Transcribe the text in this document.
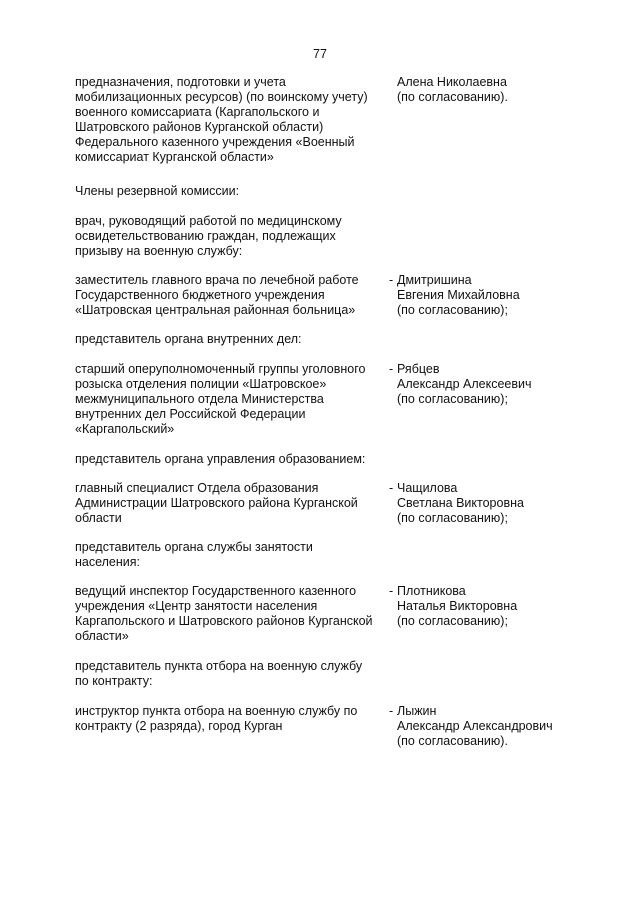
77
предназначения, подготовки и учета
мобилизационных ресурсов) (по воинскому учету)
военного комиссариата (Каргапольского и
Шатровского районов Курганской области)
Федерального казенного учреждения «Военный
комиссариат Курганской области»
Алена Николаевна
(по согласованию).
Члены резервной комиссии:
врач, руководящий работой по медицинскому
освидетельствованию граждан, подлежащих
призыву на военную службу:
заместитель главного врача по лечебной работе
Государственного бюджетного учреждения
«Шатровская центральная районная больница»
- Дмитришина
Евгения Михайловна
(по согласованию);
представитель органа внутренних дел:
старший оперуполномоченный группы уголовного
розыска отделения полиции «Шатровское»
межмуниципального отдела Министерства
внутренних дел Российской Федерации
«Каргапольский»
- Рябцев
Александр Алексеевич
(по согласованию);
представитель органа управления образованием:
главный специалист Отдела образования
Администрации Шатровского района Курганской
области
- Чащилова
Светлана Викторовна
(по согласованию);
представитель органа службы занятости
населения:
ведущий инспектор Государственного казенного
учреждения «Центр занятости населения
Каргапольского и Шатровского районов Курганской
области»
- Плотникова
Наталья Викторовна
(по согласованию);
представитель пункта отбора на военную службу
по контракту:
инструктор пункта отбора на военную службу по
контракту (2 разряда), город Курган
- Лыжин
Александр Александрович
(по согласованию).
